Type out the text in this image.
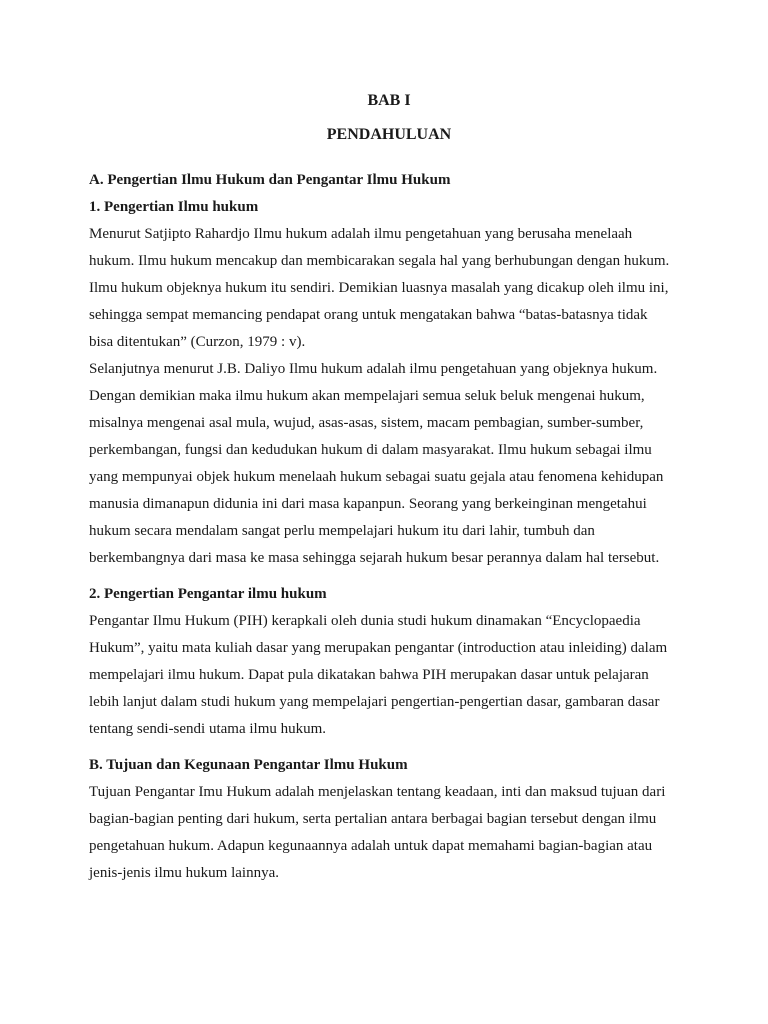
BAB I

PENDAHULUAN

A. Pengertian Ilmu Hukum dan Pengantar Ilmu Hukum

1. Pengertian Ilmu hukum

Menurut Satjipto Rahardjo Ilmu hukum adalah ilmu pengetahuan yang berusaha menelaah

hukum. Ilmu hukum mencakup dan membicarakan segala hal yang berhubungan dengan hukum.

Ilmu hukum objeknya hukum itu sendiri. Demikian luasnya masalah yang dicakup oleh ilmu ini,

sehingga sempat memancing pendapat orang untuk mengatakan bahwa “batas-batasnya tidak

bisa ditentukan” (Curzon, 1979 : v).

Selanjutnya menurut J.B. Daliyo Ilmu hukum adalah ilmu pengetahuan yang objeknya hukum.

Dengan demikian maka ilmu hukum akan mempelajari semua seluk beluk mengenai hukum,

misalnya mengenai asal mula, wujud, asas-asas, sistem, macam pembagian, sumber-sumber,

perkembangan, fungsi dan kedudukan hukum di dalam masyarakat. Ilmu hukum sebagai ilmu

yang mempunyai objek hukum menelaah hukum sebagai suatu gejala atau fenomena kehidupan

manusia dimanapun didunia ini dari masa kapanpun. Seorang yang berkeinginan mengetahui

hukum secara mendalam sangat perlu mempelajari hukum itu dari lahir, tumbuh dan

berkembangnya dari masa ke masa sehingga sejarah hukum besar perannya dalam hal tersebut.

2. Pengertian Pengantar ilmu hukum

Pengantar Ilmu Hukum (PIH) kerapkali oleh dunia studi hukum dinamakan “Encyclopaedia

Hukum”, yaitu mata kuliah dasar yang merupakan pengantar (introduction atau inleiding) dalam

mempelajari ilmu hukum. Dapat pula dikatakan bahwa PIH merupakan dasar untuk pelajaran

lebih lanjut dalam studi hukum yang mempelajari pengertian-pengertian dasar, gambaran dasar

tentang sendi-sendi utama ilmu hukum.

B. Tujuan dan Kegunaan Pengantar Ilmu Hukum

Tujuan Pengantar Imu Hukum adalah menjelaskan tentang keadaan, inti dan maksud tujuan dari

bagian-bagian penting dari hukum, serta pertalian antara berbagai bagian tersebut dengan ilmu

pengetahuan hukum. Adapun kegunaannya adalah untuk dapat memahami bagian-bagian atau

jenis-jenis ilmu hukum lainnya.
